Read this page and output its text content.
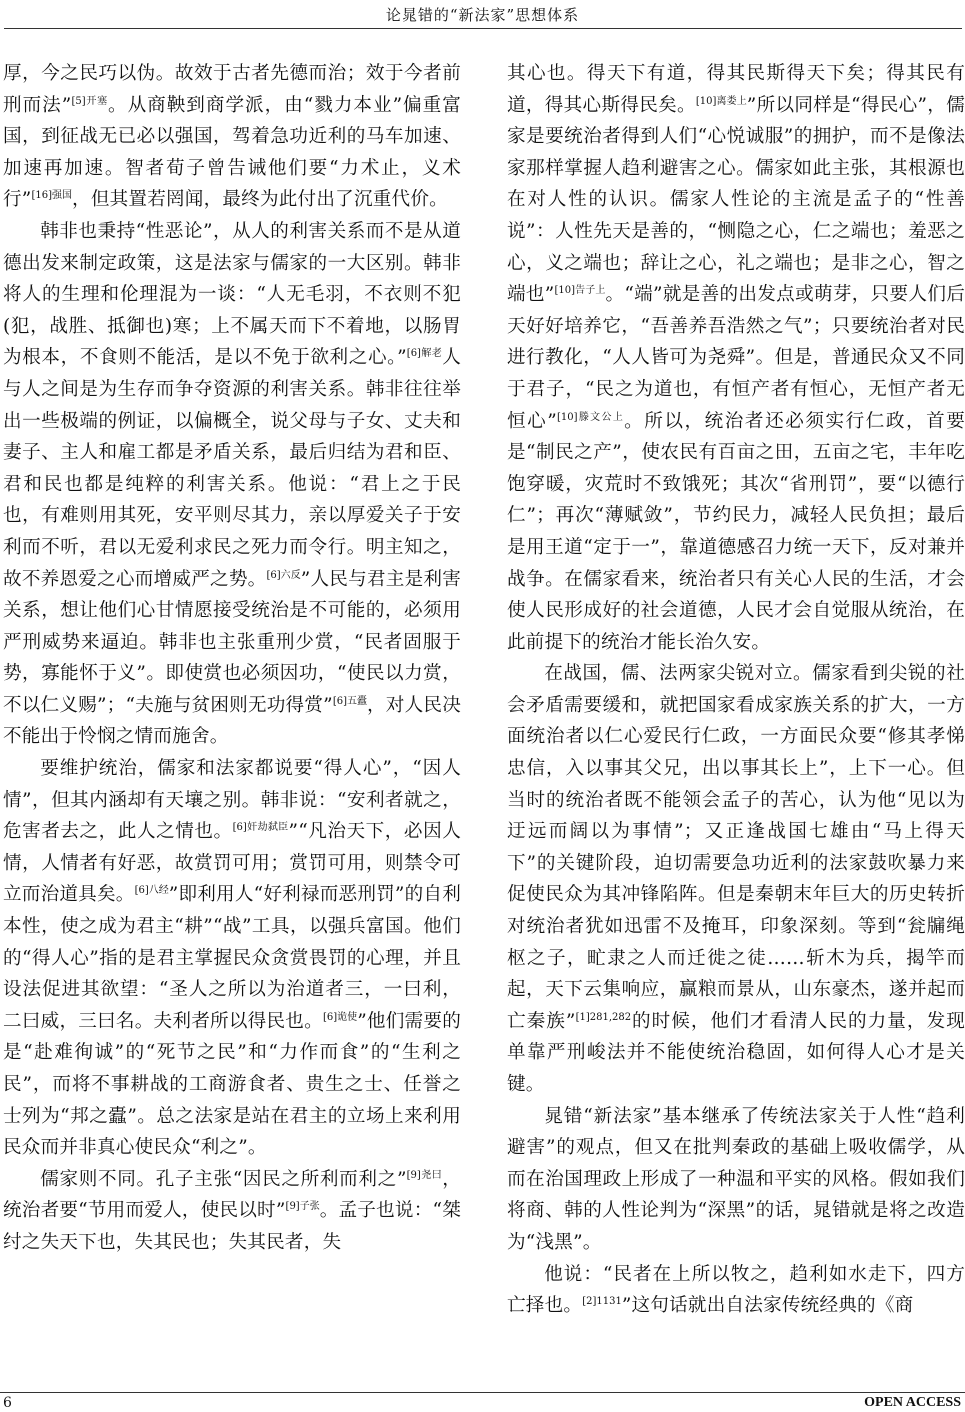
论晁错的“新法家”思想体系

厚，今之民巧以伪。故效于古者先德而治；效于今者前刑而法”$^{[5]开塞}$。从商鞅到商学派，由“戮力本业”偏重富国，到征战无已必以强国，驾着急功近利的马车加速、加速再加速。智者荀子曾告诫他们要“力术止，义术行”$^{[16]强国}$，但其置若罔闻，最终为此付出了沉重代价。

韩非也秉持“性恶论”，从人的利害关系而不是从道德出发来制定政策，这是法家与儒家的一大区别。韩非将人的生理和伦理混为一谈：“人无毛羽，不衣则不犯(犯，战胜、抵御也)寒；上不属天而下不着地，以肠胃为根本，不食则不能活，是以不免于欲利之心。”$^{[6]解老}$人与人之间是为生存而争夺资源的利害关系。韩非往往举出一些极端的例证，以偏概全，说父母与子女、丈夫和妻子、主人和雇工都是矛盾关系，最后归结为君和臣、君和民也都是纯粹的利害关系。他说：“君上之于民也，有难则用其死，安平则尽其力，亲以厚爱关子于安利而不听，君以无爱利求民之死力而令行。明主知之，故不养恩爱之心而增威严之势。$^{[6]六反}$”人民与君主是利害关系，想让他们心甘情愿接受统治是不可能的，必须用严刑威势来逼迫。韩非也主张重刑少赏，“民者固服于势，寡能怀于义”。即使赏也必须因功，“使民以力赏，不以仁义赐”；“夫施与贫困则无功得赏”$^{[6]五蠹}$，对人民决不能出于怜悯之情而施舍。

要维护统治，儒家和法家都说要“得人心”，“因人情”，但其内涵却有天壤之别。韩非说：“安利者就之，危害者去之，此人之情也。$^{[6]奸劫弑臣}$”“凡治天下，必因人情，人情者有好恶，故赏罚可用；赏罚可用，则禁令可立而治道具矣。$^{[6]八经}$”即利用人“好利禄而恶刑罚”的自利本性，使之成为君主“耕”“战”工具，以强兵富国。他们的“得人心”指的是君主掌握民众贪赏畏罚的心理，并且设法促进其欲望：“圣人之所以为治道者三，一曰利，二曰威，三曰名。夫利者所以得民也。$^{[6]诡使}$”他们需要的是“赴难徇诚”的“死节之民”和“力作而食”的“生利之民”，而将不事耕战的工商游食者、贵生之士、任誉之士列为“邦之蠹”。总之法家是站在君主的立场上来利用民众而并非真心使民众“利之”。

儒家则不同。孔子主张“因民之所利而利之”$^{[9]尧曰}$，统治者要“节用而爱人，使民以时”$^{[9]子张}$。孟子也说：“桀纣之失天下也，失其民也；失其民者，失

其心也。得天下有道，得其民斯得天下矣；得其民有道，得其心斯得民矣。$^{[10]离娄上}$”所以同样是“得民心”，儒家是要统治者得到人们“心悦诚服”的拥护，而不是像法家那样掌握人趋利避害之心。儒家如此主张，其根源也在对人性的认识。儒家人性论的主流是孟子的“性善说”：人性先天是善的，“恻隐之心，仁之端也；羞恶之心，义之端也；辞让之心，礼之端也；是非之心，智之端也”$^{[10]告子上}$。“端”就是善的出发点或萌芽，只要人们后天好好培养它，“吾善养吾浩然之气”；只要统治者对民进行教化，“人人皆可为尧舜”。但是，普通民众又不同于君子，“民之为道也，有恒产者有恒心，无恒产者无恒心”$^{[10]滕文公上}$。所以，统治者还必须实行仁政，首要是“制民之产”，使农民有百亩之田，五亩之宅，丰年吃饱穿暖，灾荒时不致饿死；其次“省刑罚”，要“以德行仁”；再次“薄赋敛”，节约民力，减轻人民负担；最后是用王道“定于一”，靠道德感召力统一天下，反对兼并战争。在儒家看来，统治者只有关心人民的生活，才会使人民形成好的社会道德，人民才会自觉服从统治，在此前提下的统治才能长治久安。

在战国，儒、法两家尖锐对立。儒家看到尖锐的社会矛盾需要缓和，就把国家看成家族关系的扩大，一方面统治者以仁心爱民行仁政，一方面民众要“修其孝悌忠信，入以事其父兄，出以事其长上”，上下一心。但当时的统治者既不能领会孟子的苦心，认为他“见以为迂远而阔以为事情”；又正逢战国七雄由“马上得天下”的关键阶段，迫切需要急功近利的法家鼓吹暴力来促使民众为其冲锋陷阵。但是秦朝末年巨大的历史转折对统治者犹如迅雷不及掩耳，印象深刻。等到“瓮牖绳枢之子，甿隶之人而迁徙之徒……斩木为兵，揭竿而起，天下云集响应，赢粮而景从，山东豪杰，遂并起而亡秦族”$^{[1]281,282}$的时候，他们才看清人民的力量，发现单靠严刑峻法并不能使统治稳固，如何得人心才是关键。

晁错“新法家”基本继承了传统法家关于人性“趋利避害”的观点，但又在批判秦政的基础上吸收儒学，从而在治国理政上形成了一种温和平实的风格。假如我们将商、韩的人性论判为“深黑”的话，晁错就是将之改造为“浅黑”。

他说：“民者在上所以牧之，趋利如水走下，四方亡择也。$^{[2]1131}$”这句话就出自法家传统经典的《商

6	OPEN ACCESS
